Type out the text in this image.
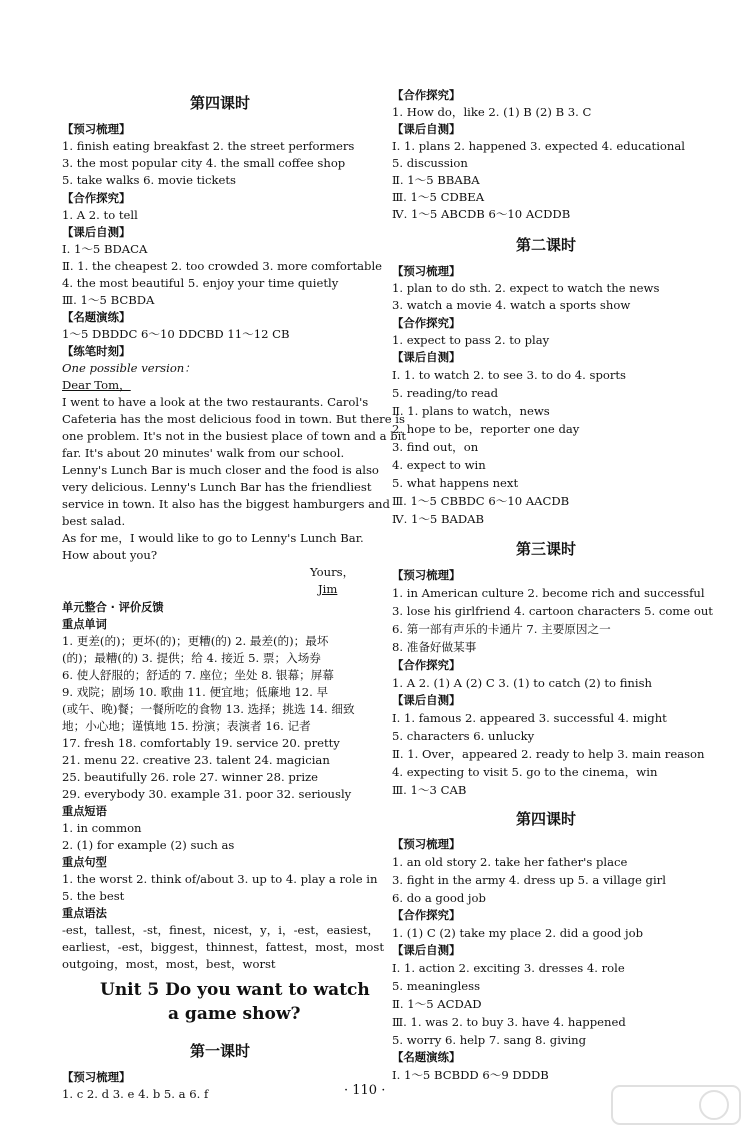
第四课时
【预习梳理】
1. finish eating breakfast 2. the street performers
3. the most popular city 4. the small coffee shop
5. take walks 6. movie tickets
【合作探究】
1. A 2. to tell
【课后自测】
Ⅰ. 1～5 BDACA
Ⅱ. 1. the cheapest 2. too crowded 3. more comfortable
4. the most beautiful 5. enjoy your time quietly
Ⅲ. 1～5 BCBDA
【名题演练】
1～5 DBDDC 6～10 DDCBD 11～12 CB
【练笔时刻】
One possible version：
Dear Tom，
I went to have a look at the two restaurants. Carol's
Cafeteria has the most delicious food in town. But there is
one problem. It's not in the busiest place of town and a bit
far. It's about 20 minutes' walk from our school.
Lenny's Lunch Bar is much closer and the food is also
very delicious. Lenny's Lunch Bar has the friendliest
service in town. It also has the biggest hamburgers and
best salad.
As for me，I would like to go to Lenny's Lunch Bar.
How about you?
Yours，
Jim
单元整合 · 评价反馈
重点单词
1. 更差(的)；更坏(的)；更糟(的) 2. 最差(的)；最坏
(的)；最糟(的) 3. 提供；给 4. 接近 5. 票；入场券
6. 使人舒服的；舒适的 7. 座位；坐处 8. 银幕；屏幕
9. 戏院；剧场 10. 歌曲 11. 便宜地；低廉地 12. 早
(或午、晚)餐；一餐所吃的食物 13. 选择；挑选 14. 细致
地；小心地；谨慎地 15. 扮演；表演者 16. 记者
17. fresh 18. comfortably 19. service 20. pretty
21. menu 22. creative 23. talent 24. magician
25. beautifully 26. role 27. winner 28. prize
29. everybody 30. example 31. poor 32. seriously
重点短语
1. in common
2. (1) for example (2) such as
重点句型
1. the worst 2. think of/about 3. up to 4. play a role in
5. the best
重点语法
-est，tallest，-st，finest，nicest，y，i，-est，easiest，
earliest，-est，biggest，thinnest，fattest，most，most
outgoing，most，most，best，worst
Unit 5 Do you want to watch
a game show?
第一课时
【预习梳理】
1. c 2. d 3. e 4. b 5. a 6. f
【合作探究】
1. How do，like 2. (1) B (2) B 3. C
【课后自测】
Ⅰ. 1. plans 2. happened 3. expected 4. educational
5. discussion
Ⅱ. 1～5 BBABA
Ⅲ. 1～5 CDBEA
Ⅳ. 1～5 ABCDB 6～10 ACDDB
第二课时
【预习梳理】
1. plan to do sth. 2. expect to watch the news
3. watch a movie 4. watch a sports show
【合作探究】
1. expect to pass 2. to play
【课后自测】
Ⅰ. 1. to watch 2. to see 3. to do 4. sports
5. reading/to read
Ⅱ. 1. plans to watch，news
2. hope to be，reporter one day
3. find out，on
4. expect to win
5. what happens next
Ⅲ. 1～5 CBBDC 6～10 AACDB
Ⅳ. 1～5 BADAB
第三课时
【预习梳理】
1. in American culture 2. become rich and successful
3. lose his girlfriend 4. cartoon characters 5. come out
6. 第一部有声乐的卡通片 7. 主要原因之一
8. 准备好做某事
【合作探究】
1. A 2. (1) A (2) C 3. (1) to catch (2) to finish
【课后自测】
Ⅰ. 1. famous 2. appeared 3. successful 4. might
5. characters 6. unlucky
Ⅱ. 1. Over，appeared 2. ready to help 3. main reason
4. expecting to visit 5. go to the cinema，win
Ⅲ. 1～3 CAB
第四课时
【预习梳理】
1. an old story 2. take her father's place
3. fight in the army 4. dress up 5. a village girl
6. do a good job
【合作探究】
1. (1) C (2) take my place 2. did a good job
【课后自测】
Ⅰ. 1. action 2. exciting 3. dresses 4. role
5. meaningless
Ⅱ. 1～5 ACDAD
Ⅲ. 1. was 2. to buy 3. have 4. happened
5. worry 6. help 7. sang 8. giving
【名题演练】
Ⅰ. 1～5 BCBDD 6～9 DDDB
· 110 ·
